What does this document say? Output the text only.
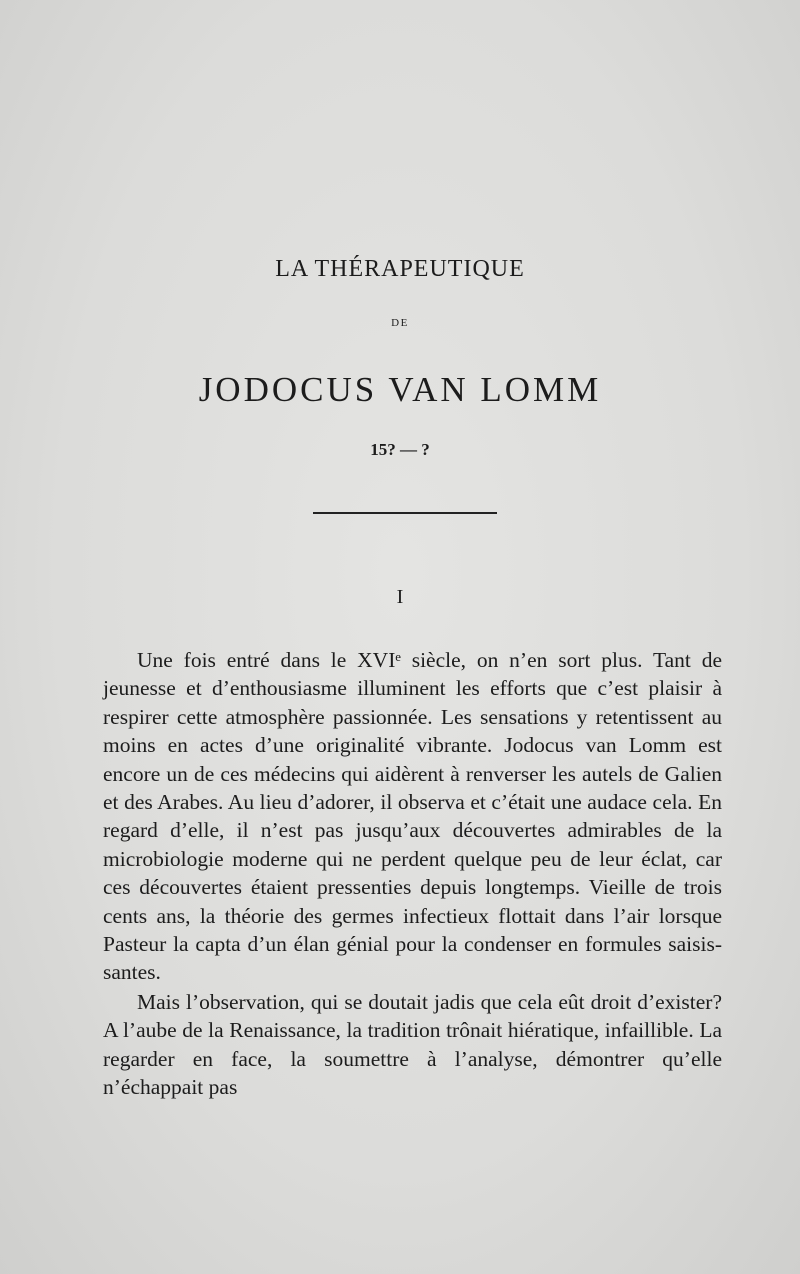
LA THÉRAPEUTIQUE
DE
JODOCUS VAN LOMM
15? — ?
I

Une fois entré dans le XVIᵉ siècle, on n’en sort plus. Tant de jeunesse et d’enthousiasme illuminent les efforts que c’est plaisir à respirer cette atmosphère passionnée. Les sensations y retentissent au moins en actes d’une originalité vibrante. Jodocus van Lomm est encore un de ces médecins qui aidèrent à renverser les autels de Galien et des Arabes. Au lieu d’adorer, il observa et c’était une audace cela. En regard d’elle, il n’est pas jusqu’aux découvertes admirables de la microbiologie moderne qui ne perdent quelque peu de leur éclat, car ces découvertes étaient pressenties depuis longtemps. Vieille de trois cents ans, la théorie des germes infectieux flottait dans l’air lorsque Pasteur la capta d’un élan génial pour la condenser en formules saisissantes.

Mais l’observation, qui se doutait jadis que cela eût droit d’exister? A l’aube de la Renaissance, la tradition trônait hiératique, infaillible. La regarder en face, la soumettre à l’analyse, démontrer qu’elle n’échappait pas
